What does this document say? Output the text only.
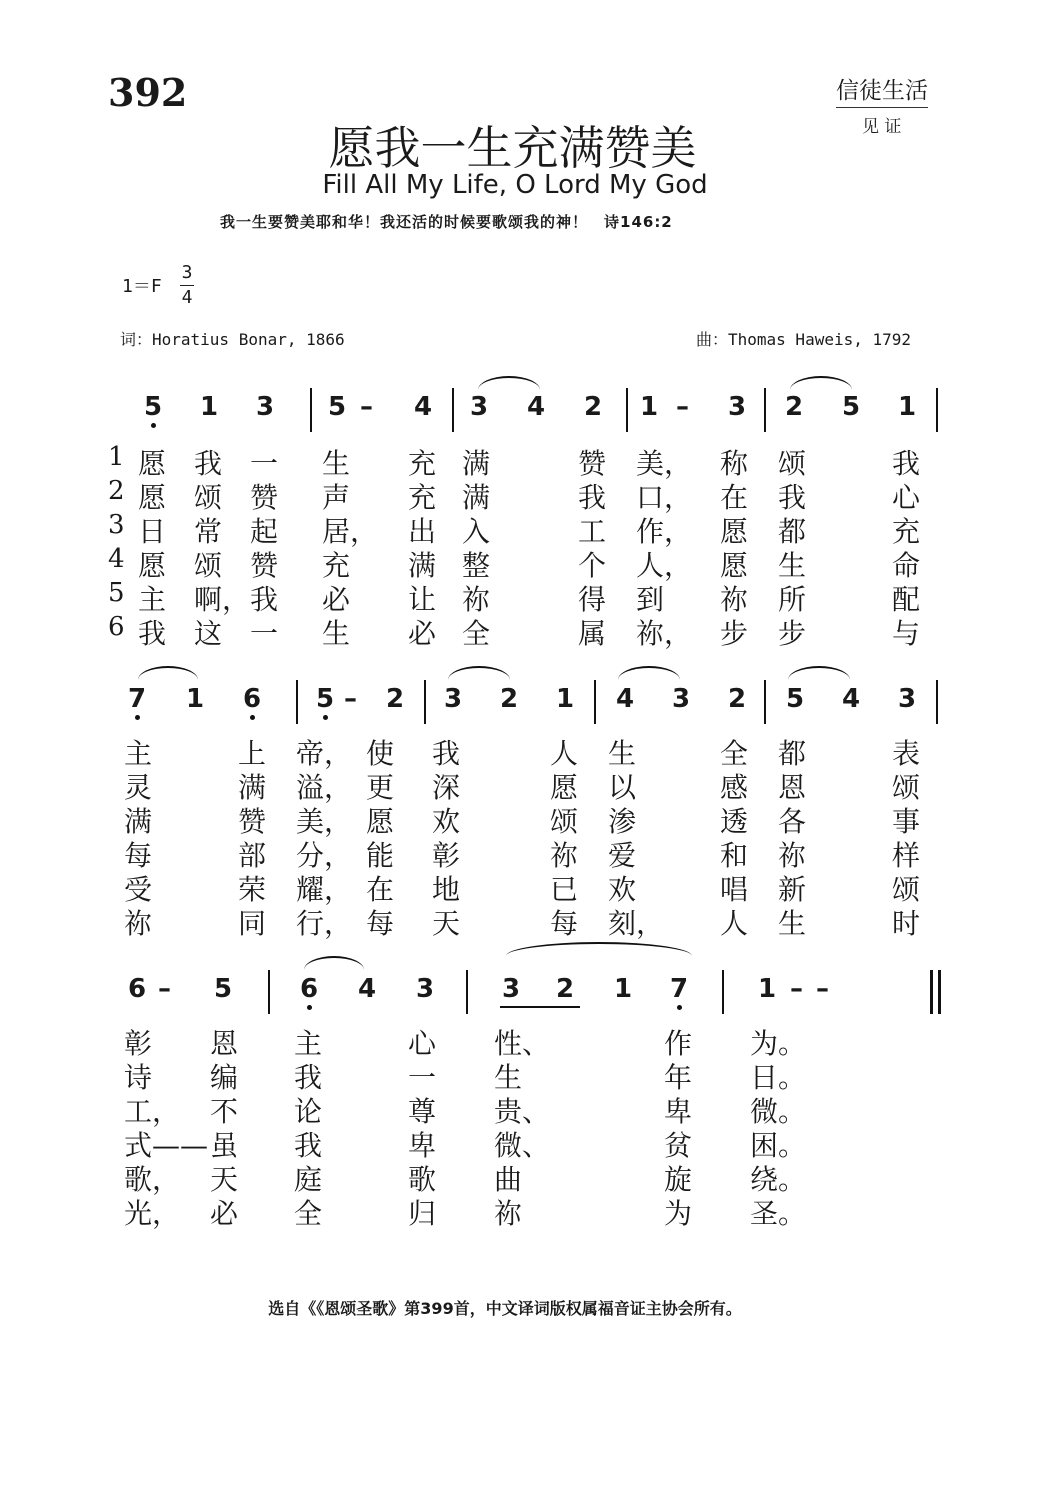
392	信徒生活
见 证
愿我一生充满赞美
Fill All My Life, O Lord My God
我一生要赞美耶和华！我还活的时候要歌颂我的神！　诗146:2
1＝F
3
4
词：Horatius Bonar, 1866	曲：Thomas Haweis, 1792
5 1 3 5 – 4 3 4 2 1 – 3 2 5 1
1 愿 我 一 生 充 满	赞 美， 称 颂	我
2 愿 颂 赞 声 充 满	我 口， 在 我	心
3 日 常 起 居， 出 入	工 作， 愿 都	充
4 愿 颂 赞 充 满 整	个 人， 愿 生	命
5 主 啊， 我 必 让 祢	得 到 祢 所	配
6 我 这 一 生 必 全	属 祢， 步 步	与
7 1 6 5 – 2 3 2 1 4 3 2 5 4 3
主	上 帝， 使 我	人 生	全 都	表
灵	满 溢， 更 深	愿 以	感 恩	颂
满	赞 美， 愿 欢	颂 渗	透 各	事
每	部 分， 能 彰	祢 爱	和 祢	样
受	荣 耀， 在 地	已 欢	唱 新	颂
祢	同 行， 每 天	每 刻， 人 生	时
6 – 5	6 4 3	3 2 1 7	1 – –
彰 恩 主	心 性、	作 为。
诗 编 我	一 生	年 日。
工， 不 论	尊 贵、	卑 微。
式—— 虽 我	卑 微、	贫 困。
歌， 天 庭	歌 曲	旋 绕。
光， 必 全	归 祢	为 圣。
选自《《恩颂圣歌》第399首，中文译词版权属福音证主协会所有。
